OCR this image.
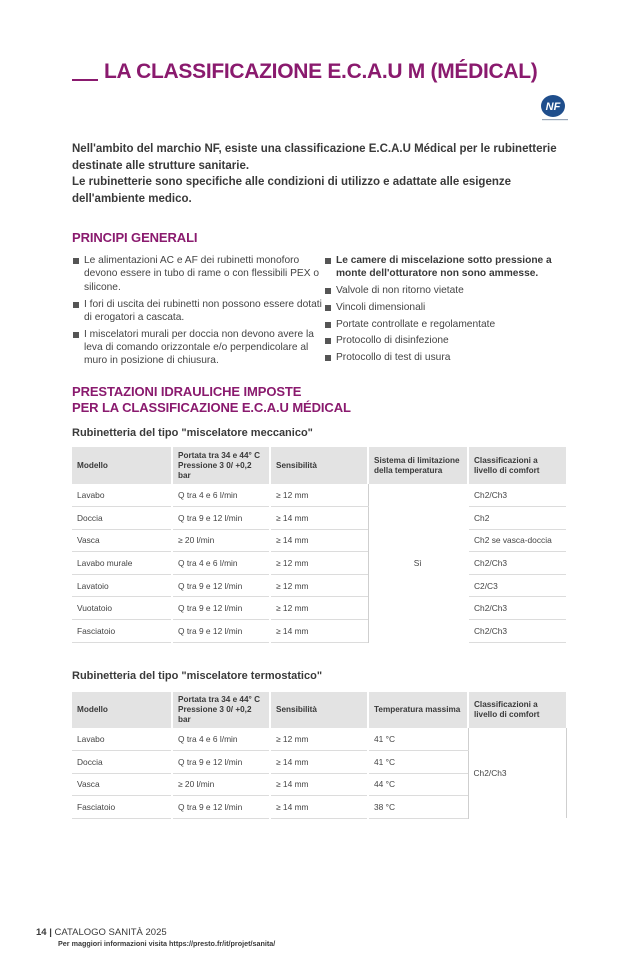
LA CLASSIFICAZIONE E.C.A.U M (MÉDICAL)
NF
Nell'ambito del marchio NF, esiste una classificazione E.C.A.U Médical per le rubinetterie
destinate alle strutture sanitarie.
Le rubinetterie sono specifiche alle condizioni di utilizzo e adattate alle esigenze
dell'ambiente medico.
PRINCIPI GENERALI
Le alimentazioni AC e AF dei rubinetti monoforo devono essere in tubo di rame o con flessibili PEX o silicone.
I fori di uscita dei rubinetti non possono essere dotati di erogatori a cascata.
I miscelatori murali per doccia non devono avere la leva di comando orizzontale e/o perpendicolare al muro in posizione di chiusura.
Le camere di miscelazione sotto pressione a monte dell'otturatore non sono ammesse.
Valvole di non ritorno vietate
Vincoli dimensionali
Portate controllate e regolamentate
Protocollo di disinfezione
Protocollo di test di usura
PRESTAZIONI IDRAULICHE IMPOSTE
PER LA CLASSIFICAZIONE E.C.A.U MÉDICAL
Rubinetteria del tipo "miscelatore meccanico"
Modello	Portata tra 34 e 44° C Pressione 3 0/ +0,2 bar	Sensibilità	Sistema di limitazione della temperatura	Classificazioni a livello di comfort
Lavabo	Q tra 4 e 6 l/min	≥ 12 mm	Sì	Ch2/Ch3
Doccia	Q tra 9 e 12 l/min	≥ 14 mm		Ch2
Vasca	≥ 20 l/min	≥ 14 mm		Ch2 se vasca-doccia
Lavabo murale	Q tra 4 e 6 l/min	≥ 12 mm		Ch2/Ch3
Lavatoio	Q tra 9 e 12 l/min	≥ 12 mm		C2/C3
Vuotatoio	Q tra 9 e 12 l/min	≥ 12 mm		Ch2/Ch3
Fasciatoio	Q tra 9 e 12 l/min	≥ 14 mm		Ch2/Ch3
Rubinetteria del tipo "miscelatore termostatico"
Modello	Portata tra 34 e 44° C Pressione 3 0/ +0,2 bar	Sensibilità	Temperatura massima	Classificazioni a livello di comfort
Lavabo	Q tra 4 e 6 l/min	≥ 12 mm	41 °C	Ch2/Ch3
Doccia	Q tra 9 e 12 l/min	≥ 14 mm	41 °C	
Vasca	≥ 20 l/min	≥ 14 mm	44 °C	
Fasciatoio	Q tra 9 e 12 l/min	≥ 14 mm	38 °C	
14 | CATALOGO SANITÀ 2025
Per maggiori informazioni visita https://presto.fr/it/projet/sanita/
